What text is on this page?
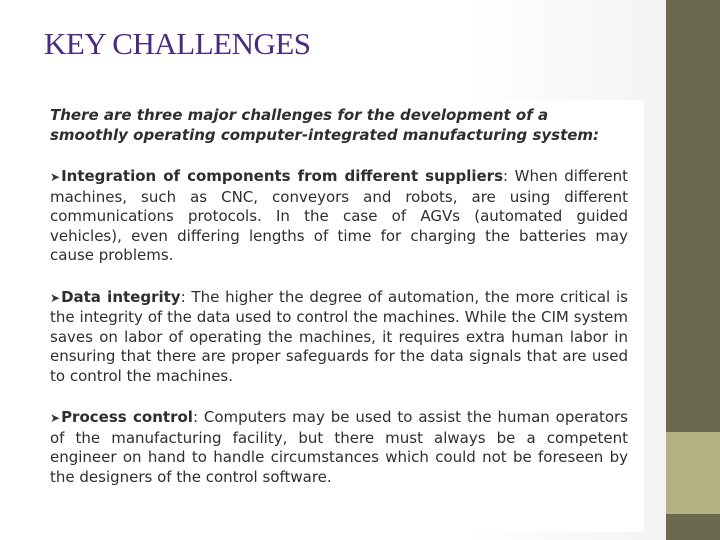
KEY CHALLENGES

There are three major challenges for the development of a smoothly operating computer-integrated manufacturing system:

➤Integration of components from different suppliers: When different machines, such as CNC, conveyors and robots, are using different communications protocols. In the case of AGVs (automated guided vehicles), even differing lengths of time for charging the batteries may cause problems.

➤Data integrity: The higher the degree of automation, the more critical is the integrity of the data used to control the machines. While the CIM system saves on labor of operating the machines, it requires extra human labor in ensuring that there are proper safeguards for the data signals that are used to control the machines.

➤Process control: Computers may be used to assist the human operators of the manufacturing facility, but there must always be a competent engineer on hand to handle circumstances which could not be foreseen by the designers of the control software.
